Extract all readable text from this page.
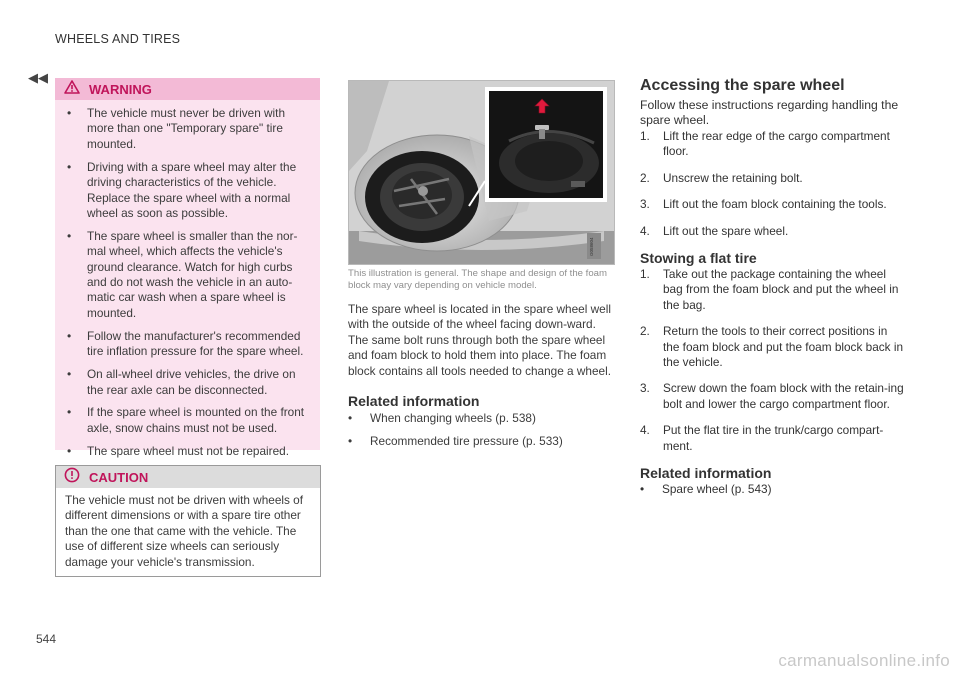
WHEELS AND TIRES
◀◀
WARNING
• The vehicle must never be driven with more than one "Temporary spare" tire mounted.
• Driving with a spare wheel may alter the driving characteristics of the vehicle. Replace the spare wheel with a normal wheel as soon as possible.
• The spare wheel is smaller than the nor-mal wheel, which affects the vehicle's ground clearance. Watch for high curbs and do not wash the vehicle in an auto-matic car wash when a spare wheel is mounted.
• Follow the manufacturer's recommended tire inflation pressure for the spare wheel.
• On all-wheel drive vehicles, the drive on the rear axle can be disconnected.
• If the spare wheel is mounted on the front axle, snow chains must not be used.
• The spare wheel must not be repaired.
CAUTION
The vehicle must not be driven with wheels of different dimensions or with a spare tire other than the one that came with the vehicle. The use of different size wheels can seriously damage your vehicle's transmission.
G058604
This illustration is general. The shape and design of the foam block may vary depending on vehicle model.
The spare wheel is located in the spare wheel well with the outside of the wheel facing down-ward. The same bolt runs through both the spare wheel and foam block to hold them into place. The foam block contains all tools needed to change a wheel.
Related information
• When changing wheels (p. 538)
• Recommended tire pressure (p. 533)
Accessing the spare wheel
Follow these instructions regarding handling the spare wheel.
1. Lift the rear edge of the cargo compartment floor.
2. Unscrew the retaining bolt.
3. Lift out the foam block containing the tools.
4. Lift out the spare wheel.
Stowing a flat tire
1. Take out the package containing the wheel bag from the foam block and put the wheel in the bag.
2. Return the tools to their correct positions in the foam block and put the foam block back in the vehicle.
3. Screw down the foam block with the retain-ing bolt and lower the cargo compartment floor.
4. Put the flat tire in the trunk/cargo compart-ment.
Related information
• Spare wheel (p. 543)
544
carmanualsonline.info
